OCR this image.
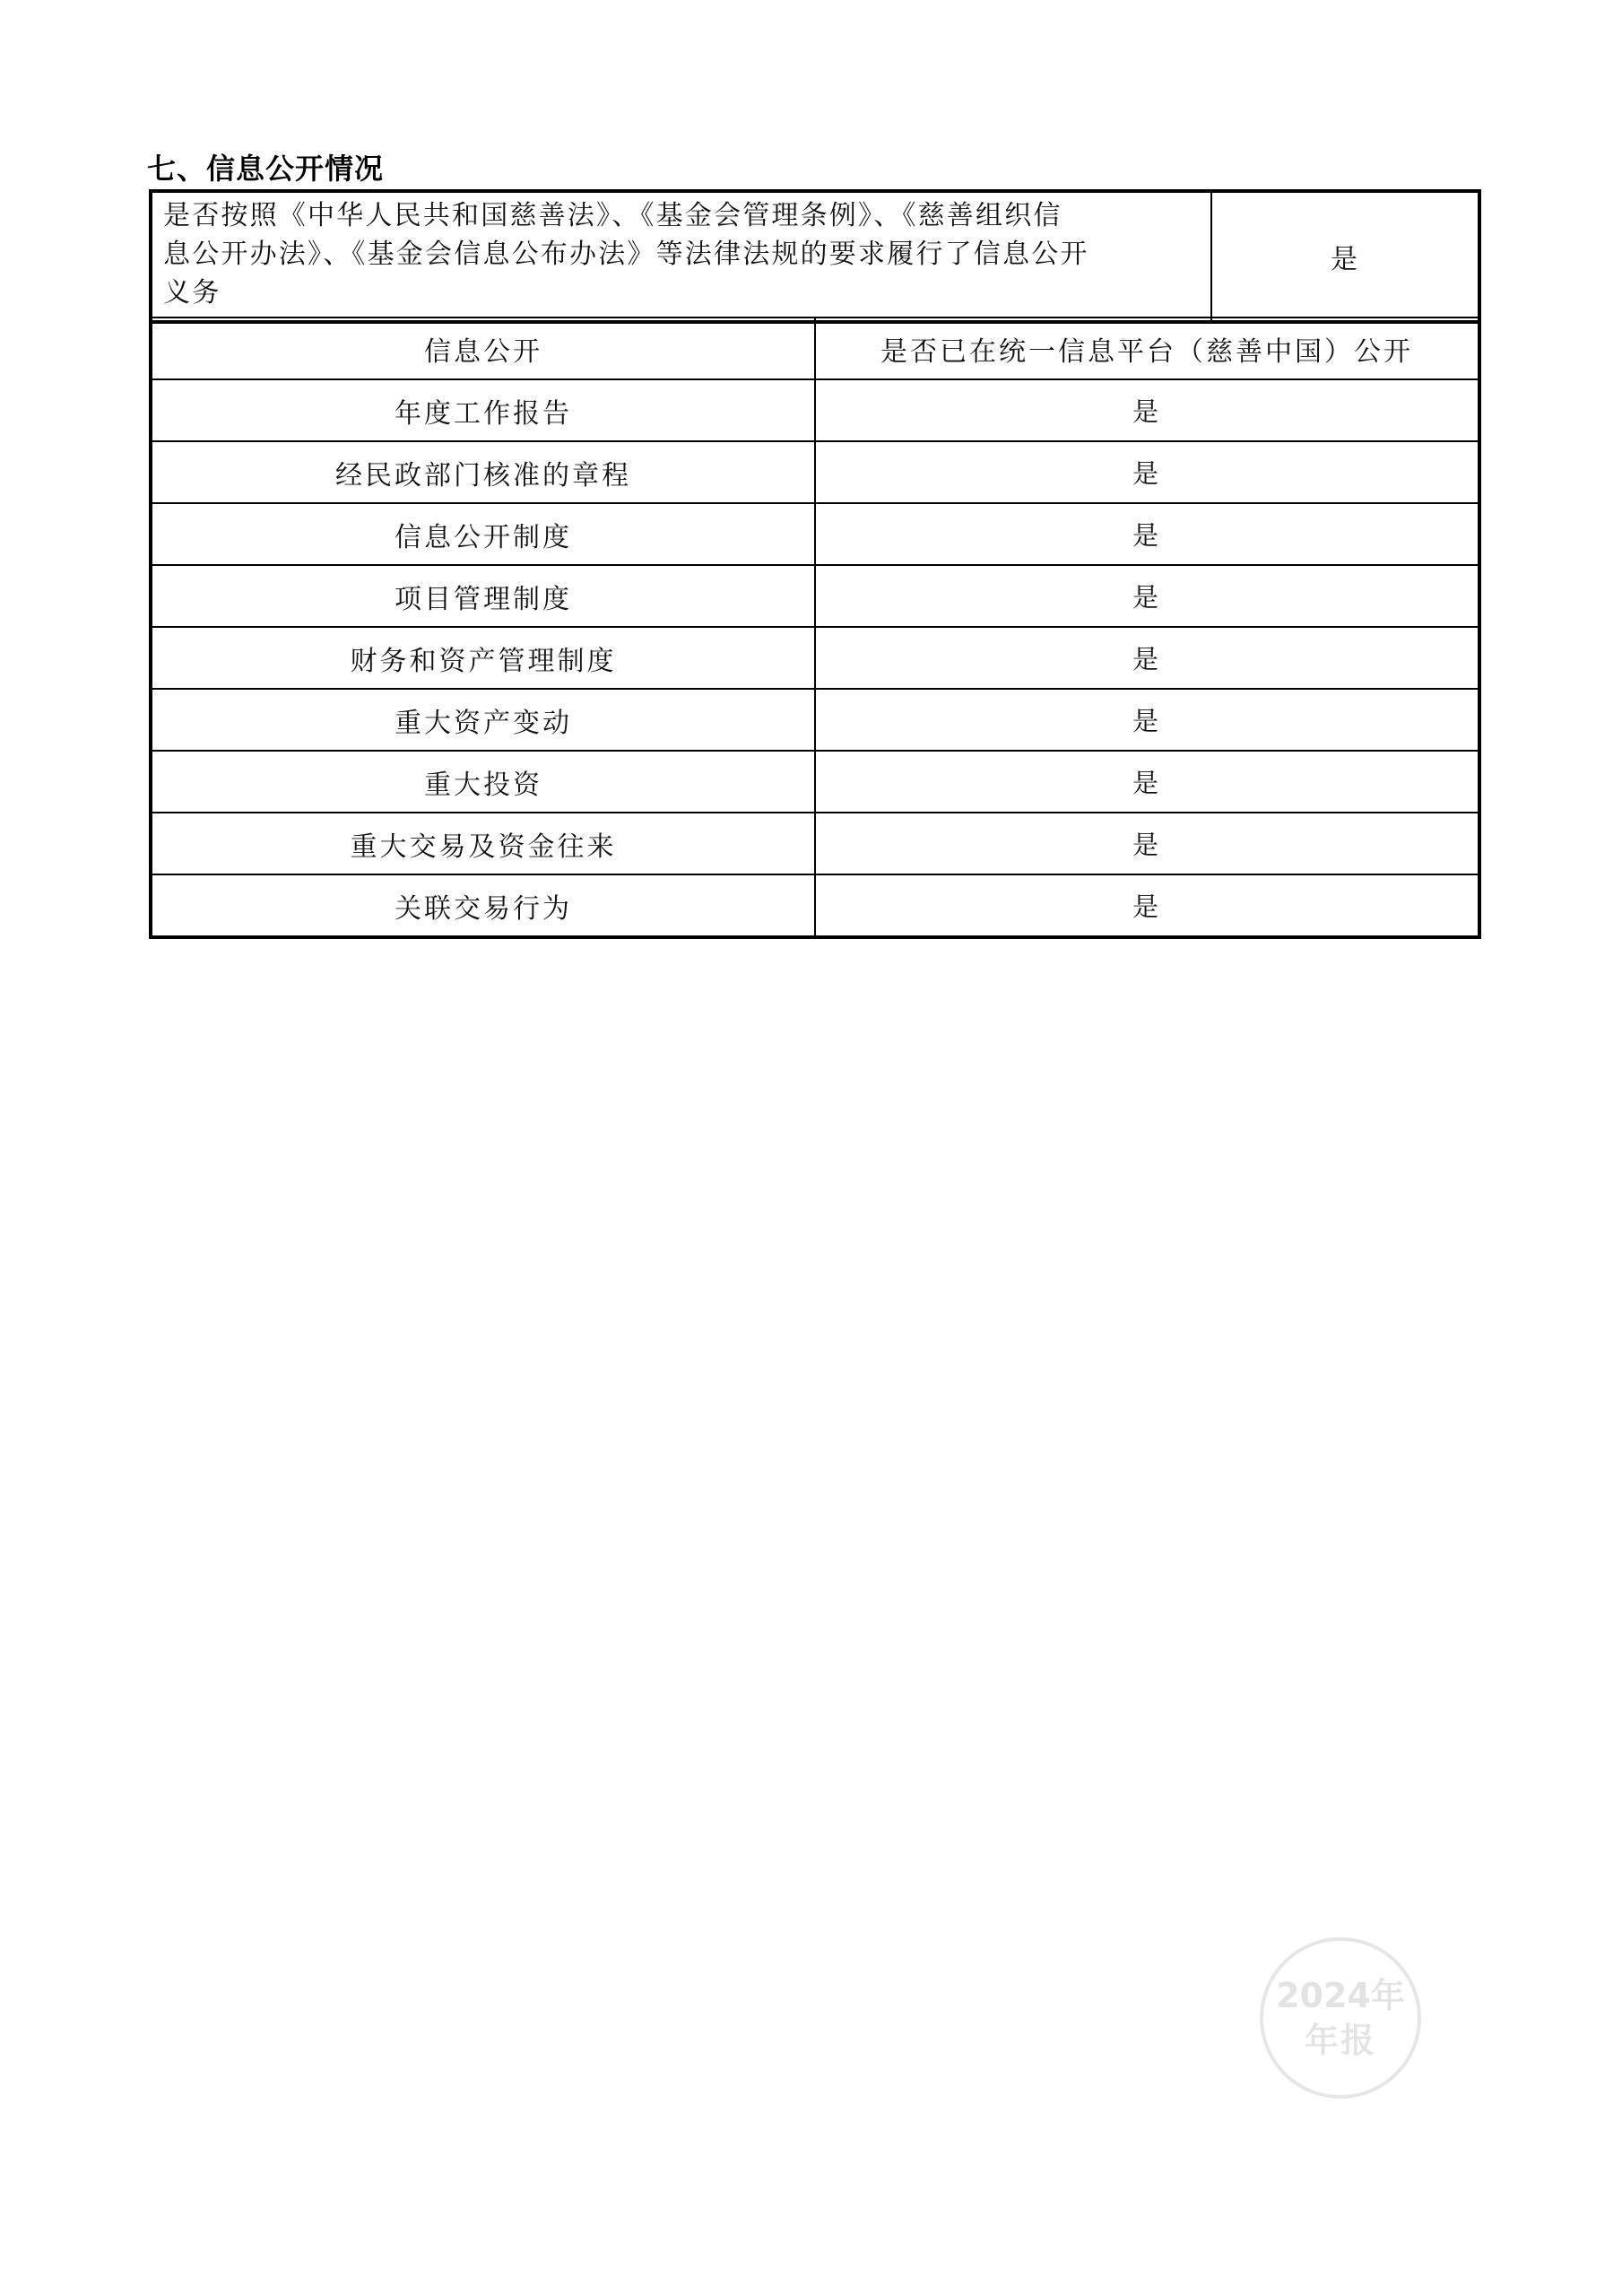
七、信息公开情况
是否按照《中华人民共和国慈善法》、《基金会管理条例》、《慈善组织信
息公开办法》、《基金会信息公布办法》等法律法规的要求履行了信息公开
义务
	是
信息公开	是否已在统一信息平台（慈善中国）公开
年度工作报告	是
经民政部门核准的章程	是
信息公开制度	是
项目管理制度	是
财务和资产管理制度	是
重大资产变动	是
重大投资	是
重大交易及资金往来	是
关联交易行为	是
2024年
年报
